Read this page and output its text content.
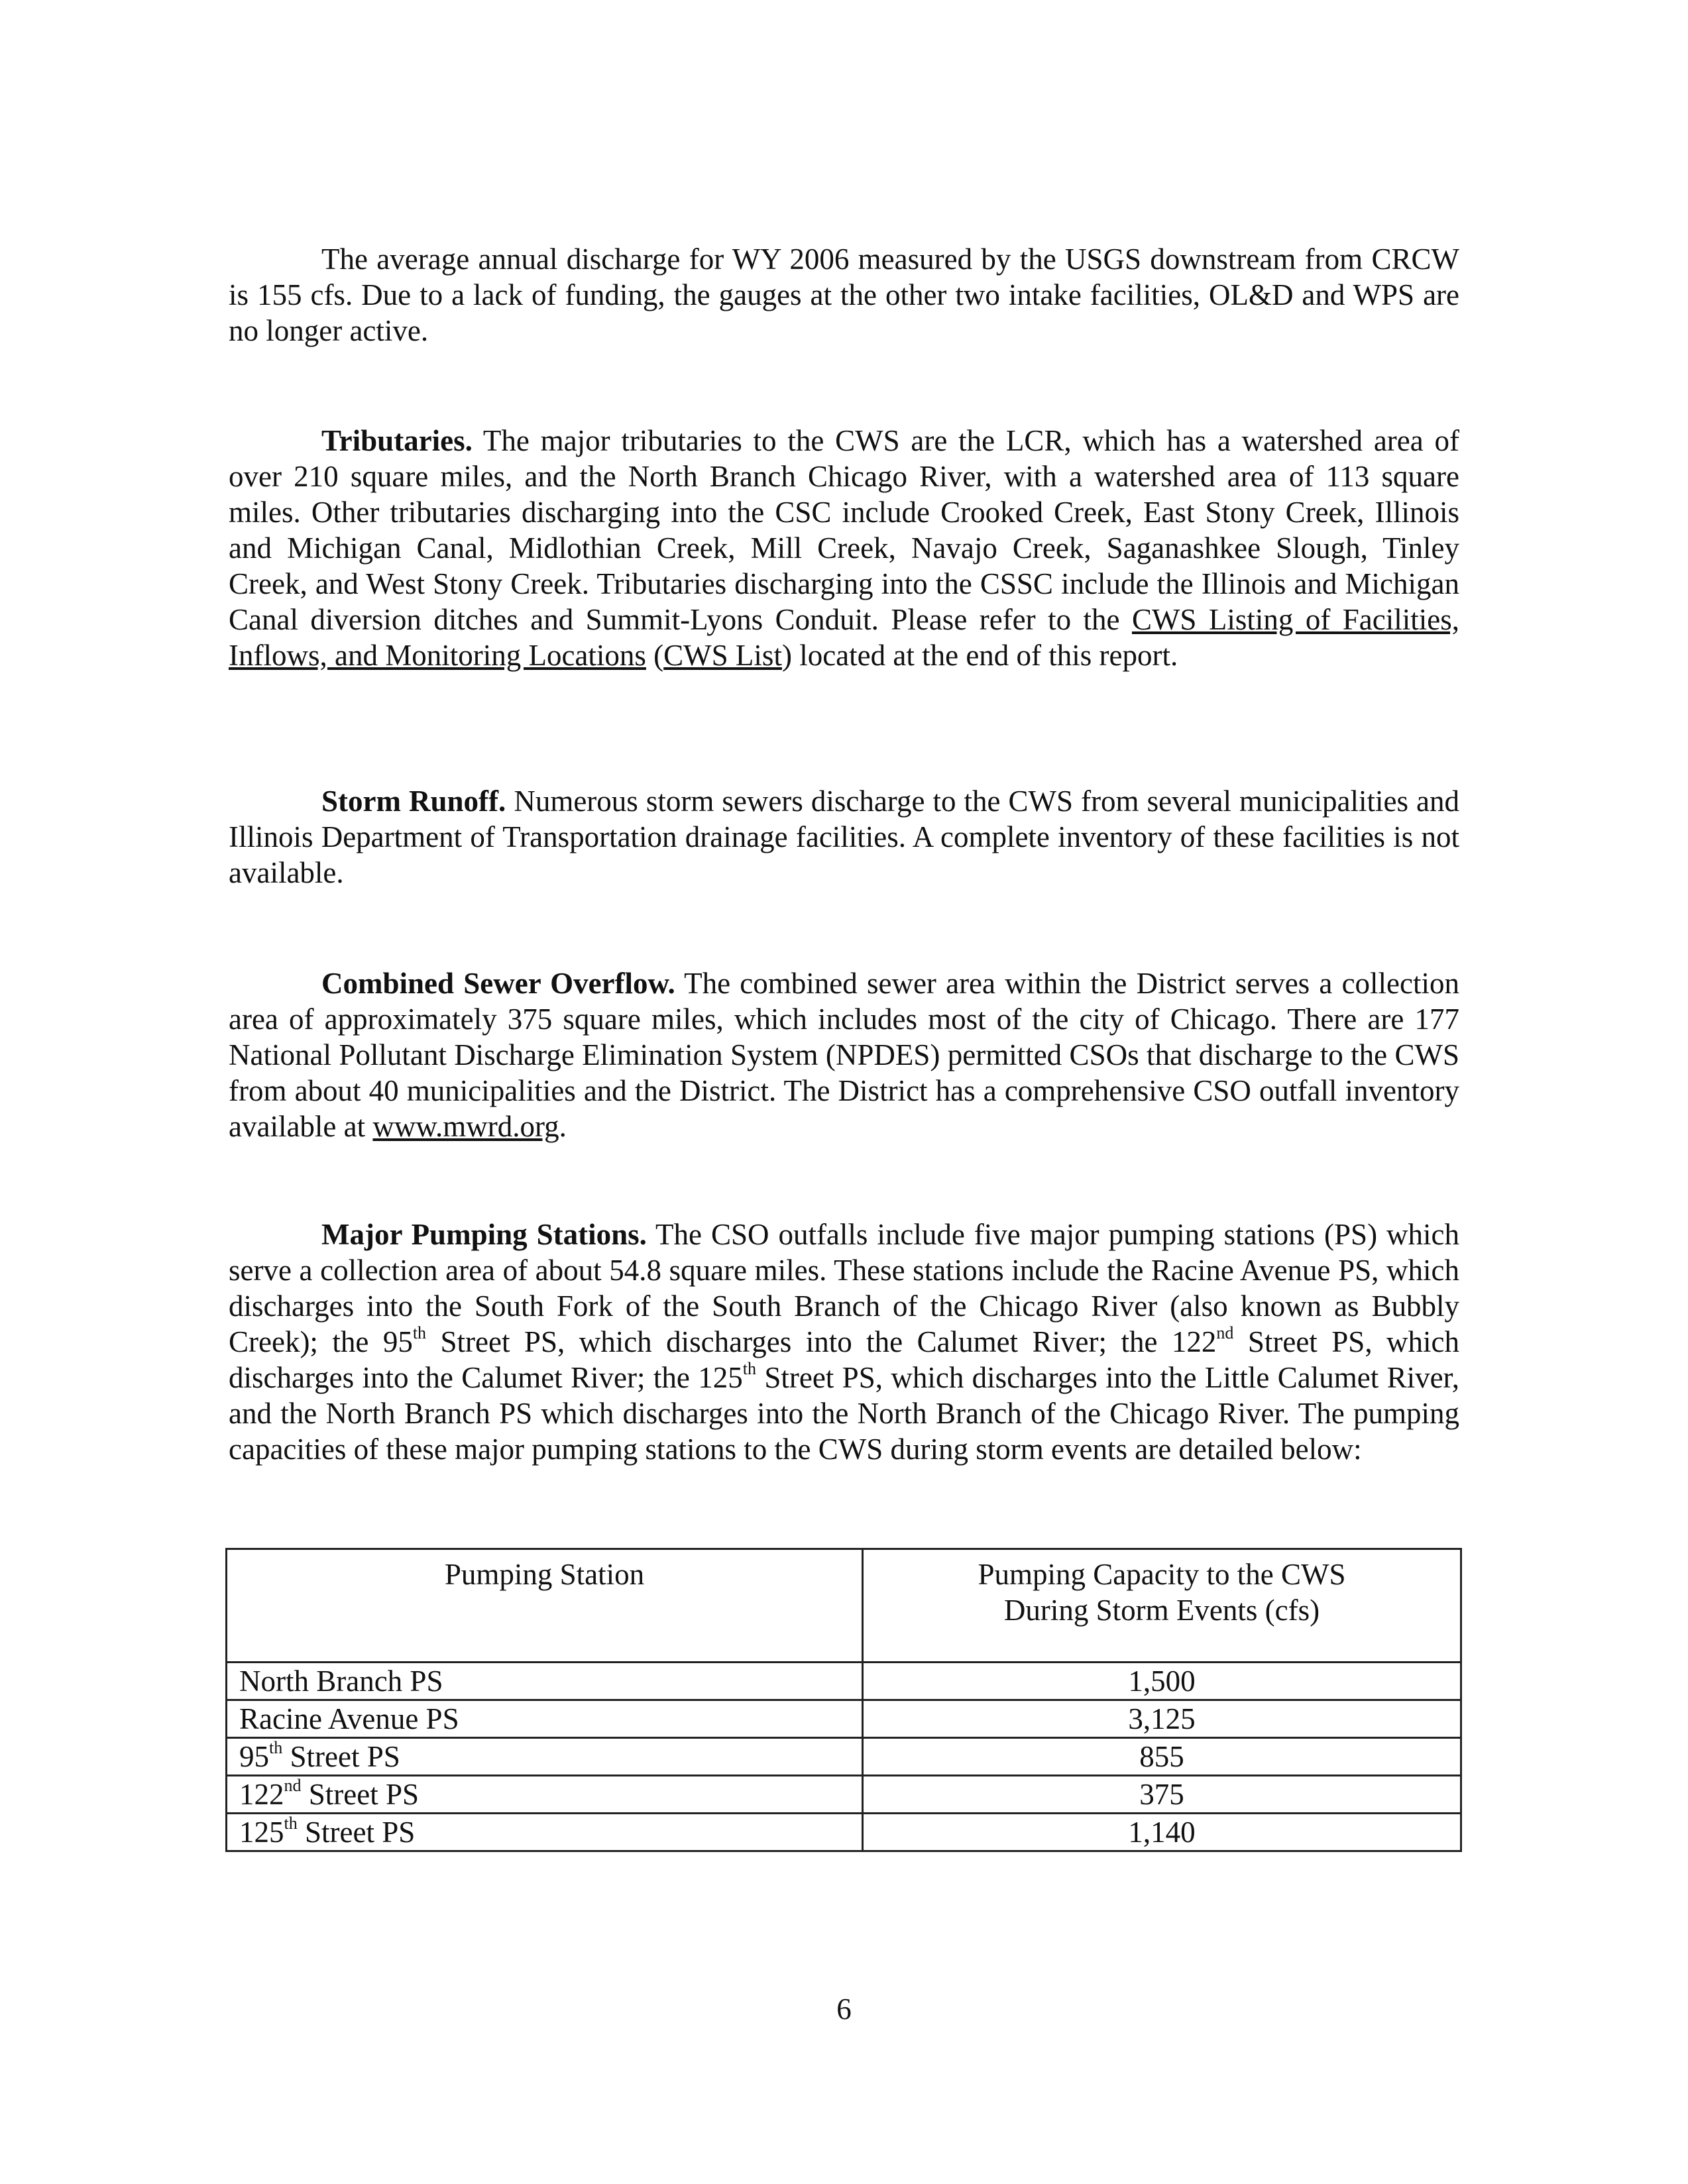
The average annual discharge for WY 2006 measured by the USGS downstream from CRCW is 155 cfs. Due to a lack of funding, the gauges at the other two intake facilities, OL&D and WPS are no longer active.

Tributaries. The major tributaries to the CWS are the LCR, which has a watershed area of over 210 square miles, and the North Branch Chicago River, with a watershed area of 113 square miles. Other tributaries discharging into the CSC include Crooked Creek, East Stony Creek, Illinois and Michigan Canal, Midlothian Creek, Mill Creek, Navajo Creek, Saganashkee Slough, Tinley Creek, and West Stony Creek. Tributaries discharging into the CSSC include the Illinois and Michigan Canal diversion ditches and Summit-Lyons Conduit. Please refer to the CWS Listing of Facilities, Inflows, and Monitoring Locations (CWS List) located at the end of this report.

Storm Runoff. Numerous storm sewers discharge to the CWS from several municipalities and Illinois Department of Transportation drainage facilities. A complete inventory of these facilities is not available.

Combined Sewer Overflow. The combined sewer area within the District serves a collection area of approximately 375 square miles, which includes most of the city of Chicago. There are 177 National Pollutant Discharge Elimination System (NPDES) permitted CSOs that discharge to the CWS from about 40 municipalities and the District. The District has a comprehensive CSO outfall inventory available at www.mwrd.org.

Major Pumping Stations. The CSO outfalls include five major pumping stations (PS) which serve a collection area of about 54.8 square miles. These stations include the Racine Avenue PS, which discharges into the South Fork of the South Branch of the Chicago River (also known as Bubbly Creek); the 95th Street PS, which discharges into the Calumet River; the 122nd Street PS, which discharges into the Calumet River; the 125th Street PS, which discharges into the Little Calumet River, and the North Branch PS which discharges into the North Branch of the Chicago River. The pumping capacities of these major pumping stations to the CWS during storm events are detailed below:

Pumping Station	Pumping Capacity to the CWS
During Storm Events (cfs)

North Branch PS	1,500
Racine Avenue PS	3,125
95th Street PS	855
122nd Street PS	375
125th Street PS	1,140
6
